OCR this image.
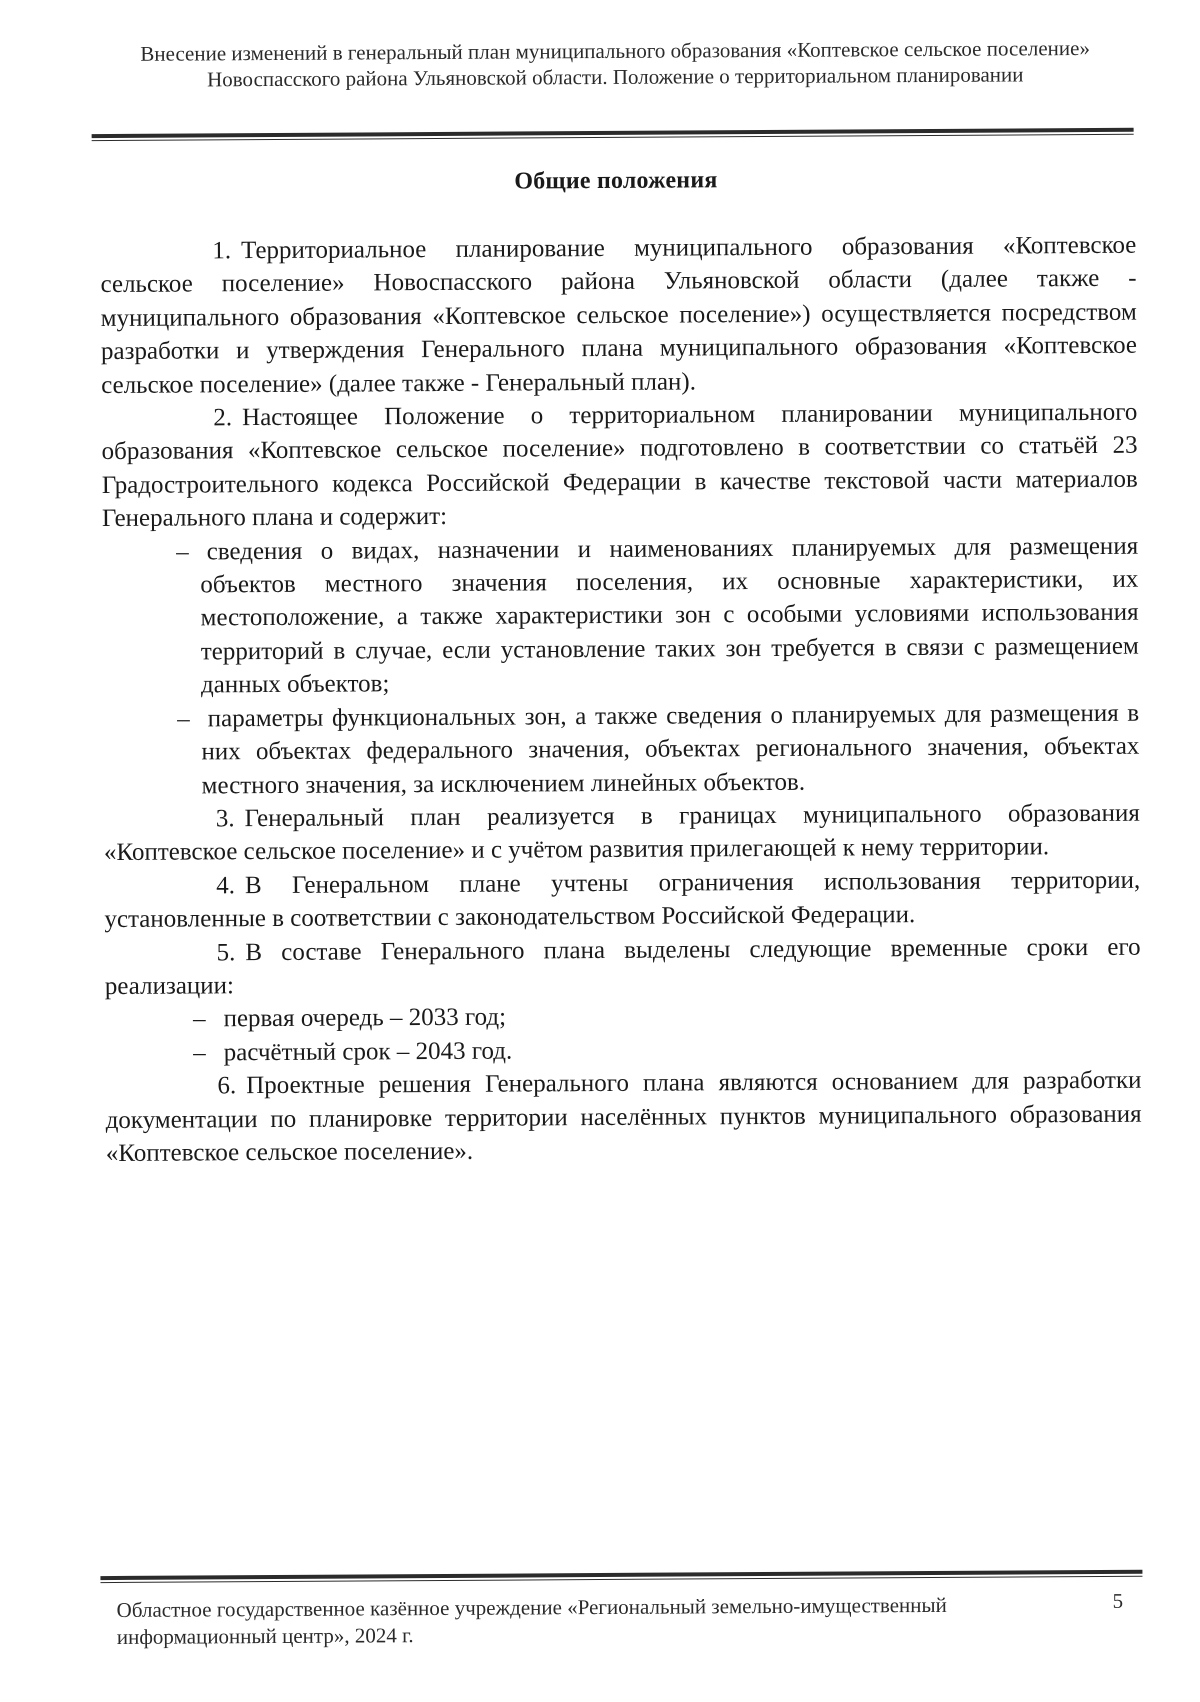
Внесение изменений в генеральный план муниципального образования «Коптевское сельское поселение» Новоспасского района Ульяновской области. Положение о территориальном планировании
Общие положения

1. Территориальное планирование муниципального образования «Коптевское сельское поселение» Новоспасского района Ульяновской области (далее также - муниципального образования «Коптевское сельское поселение») осуществляется посредством разработки и утверждения Генерального плана муниципального образования «Коптевское сельское поселение» (далее также - Генеральный план).

2. Настоящее Положение о территориальном планировании муниципального образования «Коптевское сельское поселение» подготовлено в соответствии со статьёй 23 Градостроительного кодекса Российской Федерации в качестве текстовой части материалов Генерального плана и содержит:

– сведения о видах, назначении и наименованиях планируемых для размещения объектов местного значения поселения, их основные характеристики, их местоположение, а также характеристики зон с особыми условиями использования территорий в случае, если установление таких зон требуется в связи с размещением данных объектов;

– параметры функциональных зон, а также сведения о планируемых для размещения в них объектах федерального значения, объектах регионального значения, объектах местного значения, за исключением линейных объектов.

3. Генеральный план реализуется в границах муниципального образования «Коптевское сельское поселение» и с учётом развития прилегающей к нему территории.

4. В Генеральном плане учтены ограничения использования территории, установленные в соответствии с законодательством Российской Федерации.

5. В составе Генерального плана выделены следующие временные сроки его реализации:

– первая очередь – 2033 год;

– расчётный срок – 2043 год.

6. Проектные решения Генерального плана являются основанием для разработки документации по планировке территории населённых пунктов муниципального образования «Коптевское сельское поселение».

Областное государственное казённое учреждение «Региональный земельно-имущественный информационный центр», 2024 г.
5
